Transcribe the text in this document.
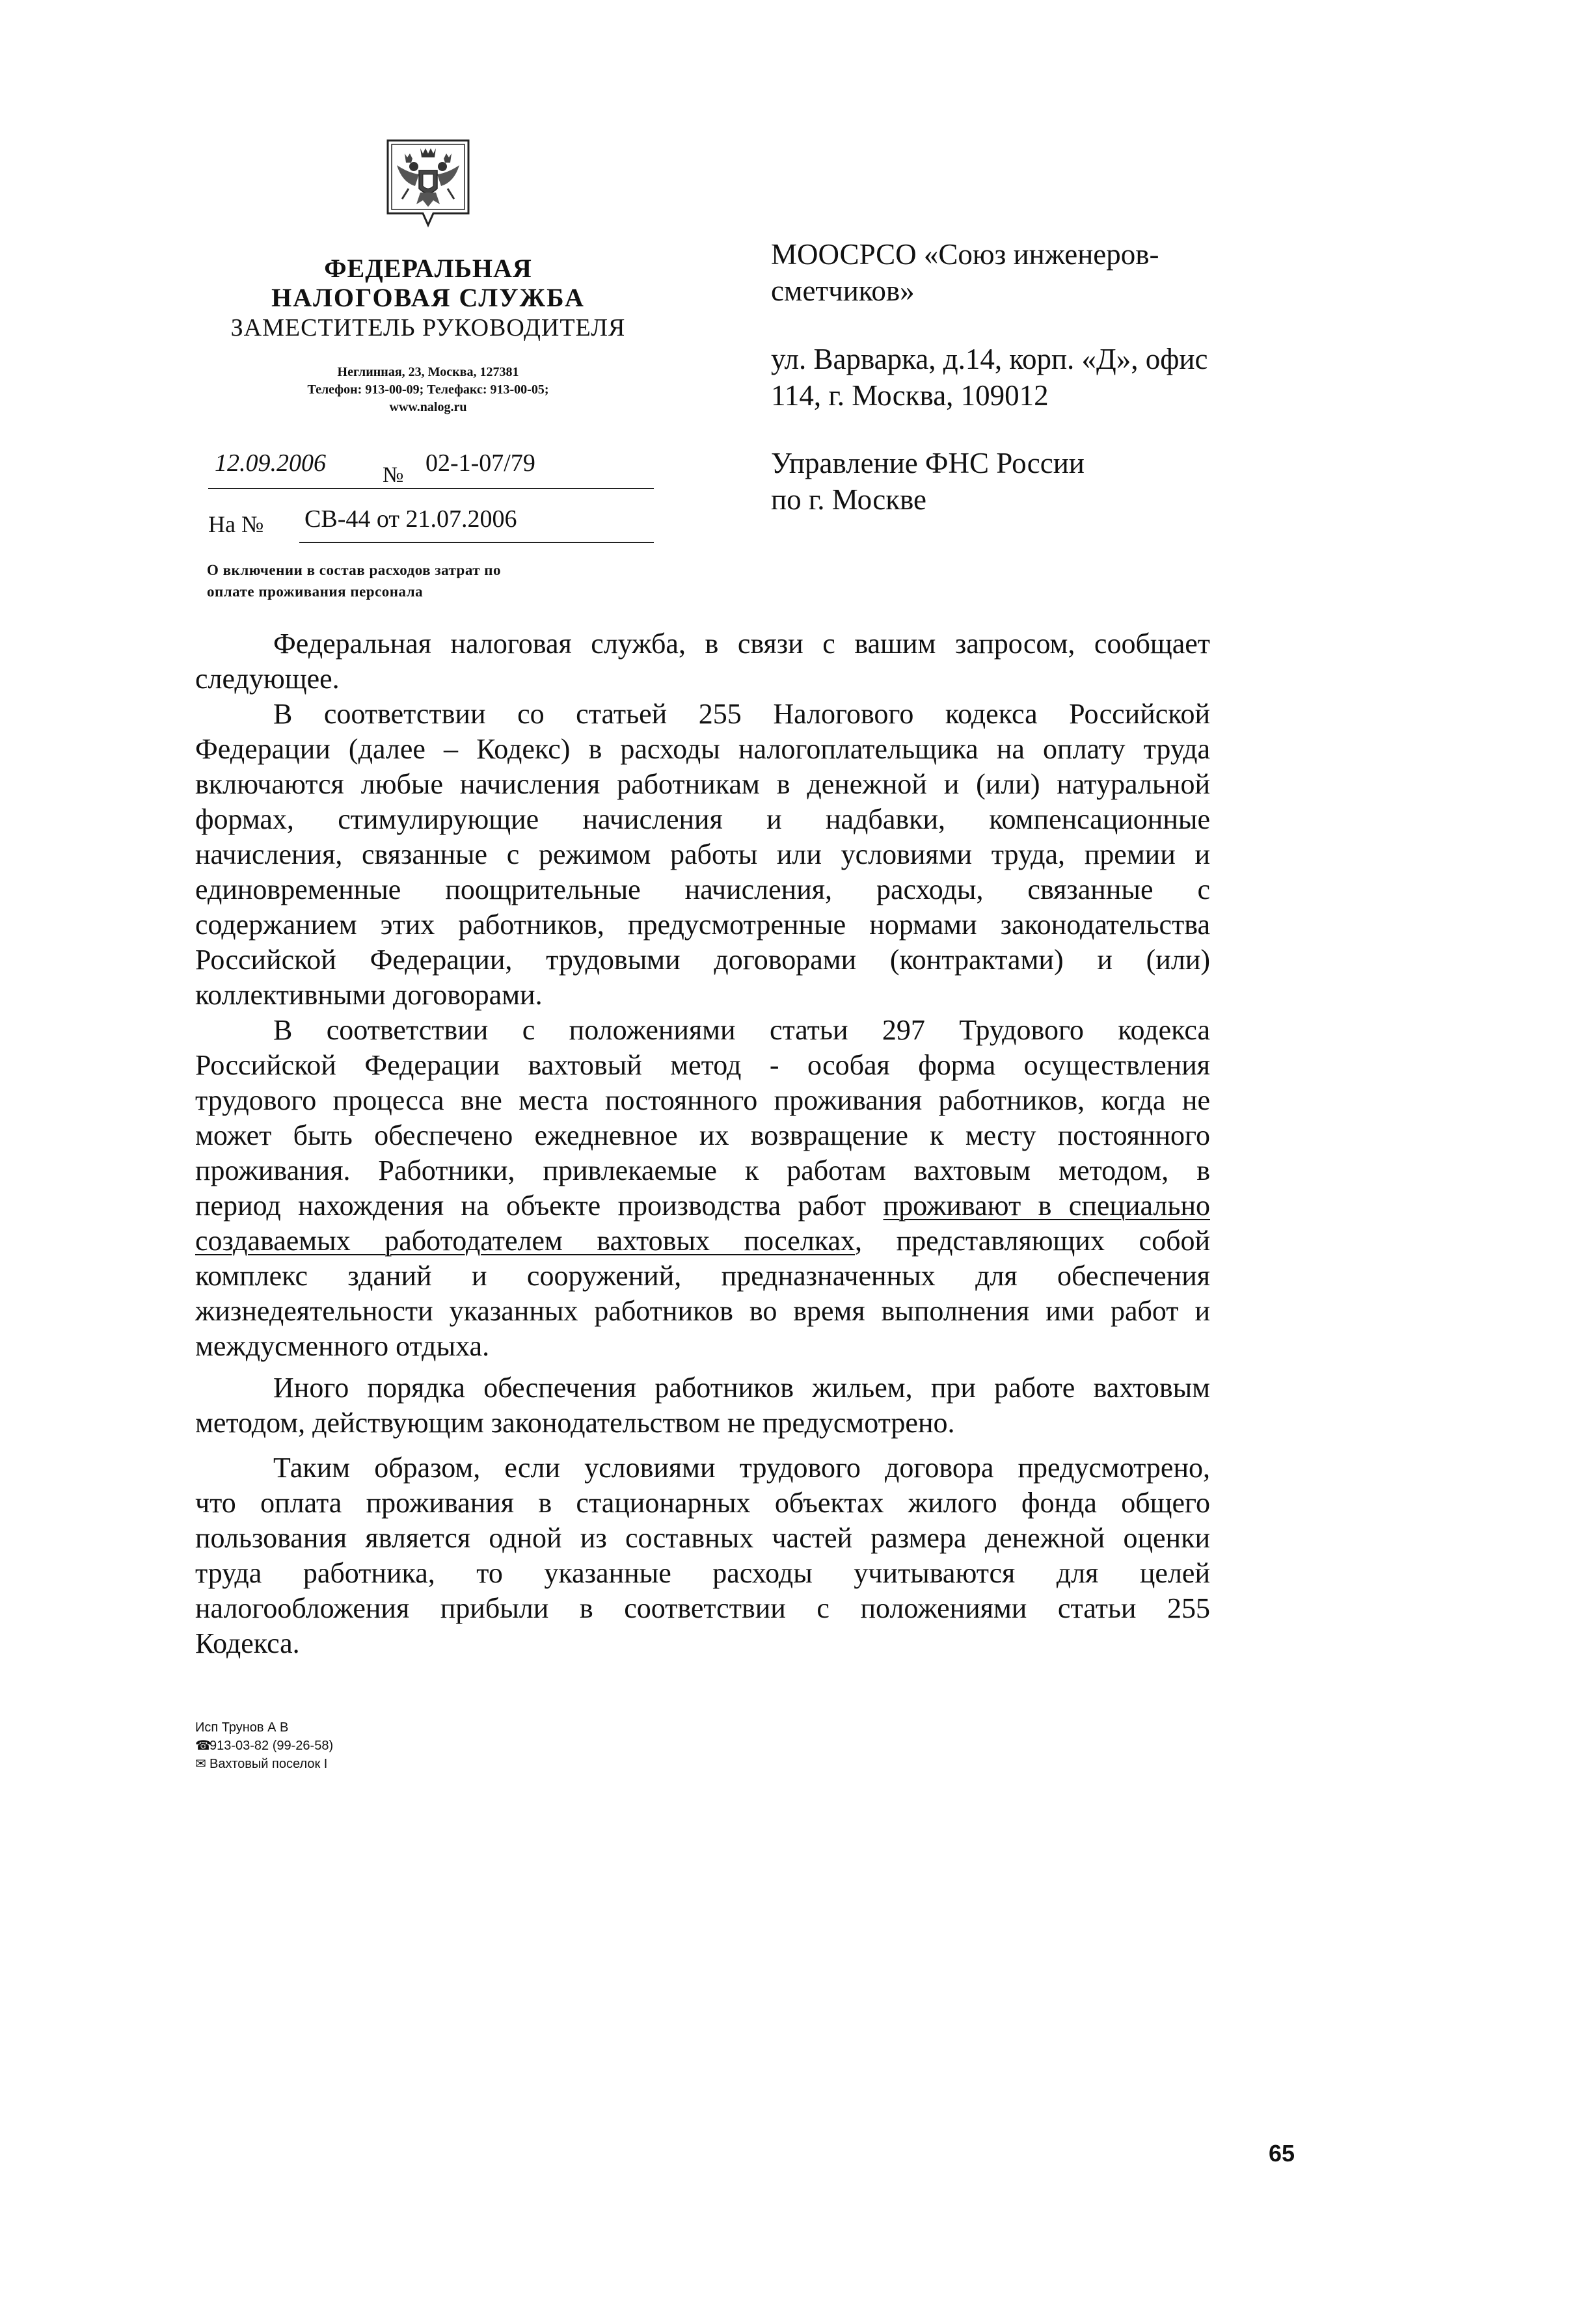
ФЕДЕРАЛЬНАЯ
НАЛОГОВАЯ СЛУЖБА
ЗАМЕСТИТЕЛЬ РУКОВОДИТЕЛЯ
Неглинная, 23, Москва, 127381
Телефон: 913-00-09; Телефакс: 913-00-05;
www.nalog.ru
12.09.2006	№ 02-1-07/79
На № СВ-44 от 21.07.2006
О включении в состав расходов затрат по
оплате проживания персонала
МООСРСО «Союз инженеров-
сметчиков»
ул. Варварка, д.14, корп. «Д», офис
114, г. Москва, 109012
Управление ФНС России
по г. Москве
Федеральная налоговая служба, в связи с вашим запросом, сообщает
следующее.
В соответствии со статьей 255 Налогового кодекса Российской
Федерации (далее – Кодекс) в расходы налогоплательщика на оплату труда
включаются любые начисления работникам в денежной и (или) натуральной
формах, стимулирующие начисления и надбавки, компенсационные
начисления, связанные с режимом работы или условиями труда, премии и
единовременные поощрительные начисления, расходы, связанные с
содержанием этих работников, предусмотренные нормами законодательства
Российской Федерации, трудовыми договорами (контрактами) и (или)
коллективными договорами.
В соответствии с положениями статьи 297 Трудового кодекса
Российской Федерации вахтовый метод - особая форма осуществления
трудового процесса вне места постоянного проживания работников, когда не
может быть обеспечено ежедневное их возвращение к месту постоянного
проживания. Работники, привлекаемые к работам вахтовым методом, в
период нахождения на объекте производства работ проживают в специально
создаваемых работодателем вахтовых поселках, представляющих собой
комплекс зданий и сооружений, предназначенных для обеспечения
жизнедеятельности указанных работников во время выполнения ими работ и
междусменного отдыха.
Иного порядка обеспечения работников жильем, при работе вахтовым
методом, действующим законодательством не предусмотрено.
Таким образом, если условиями трудового договора предусмотрено,
что оплата проживания в стационарных объектах жилого фонда общего
пользования является одной из составных частей размера денежной оценки
труда работника, то указанные расходы учитываются для целей
налогообложения прибыли в соответствии с положениями статьи 255
Кодекса.
Исп Трунов А В
☎913-03-82 (99-26-58)
✉ Вахтовый поселок I
65
